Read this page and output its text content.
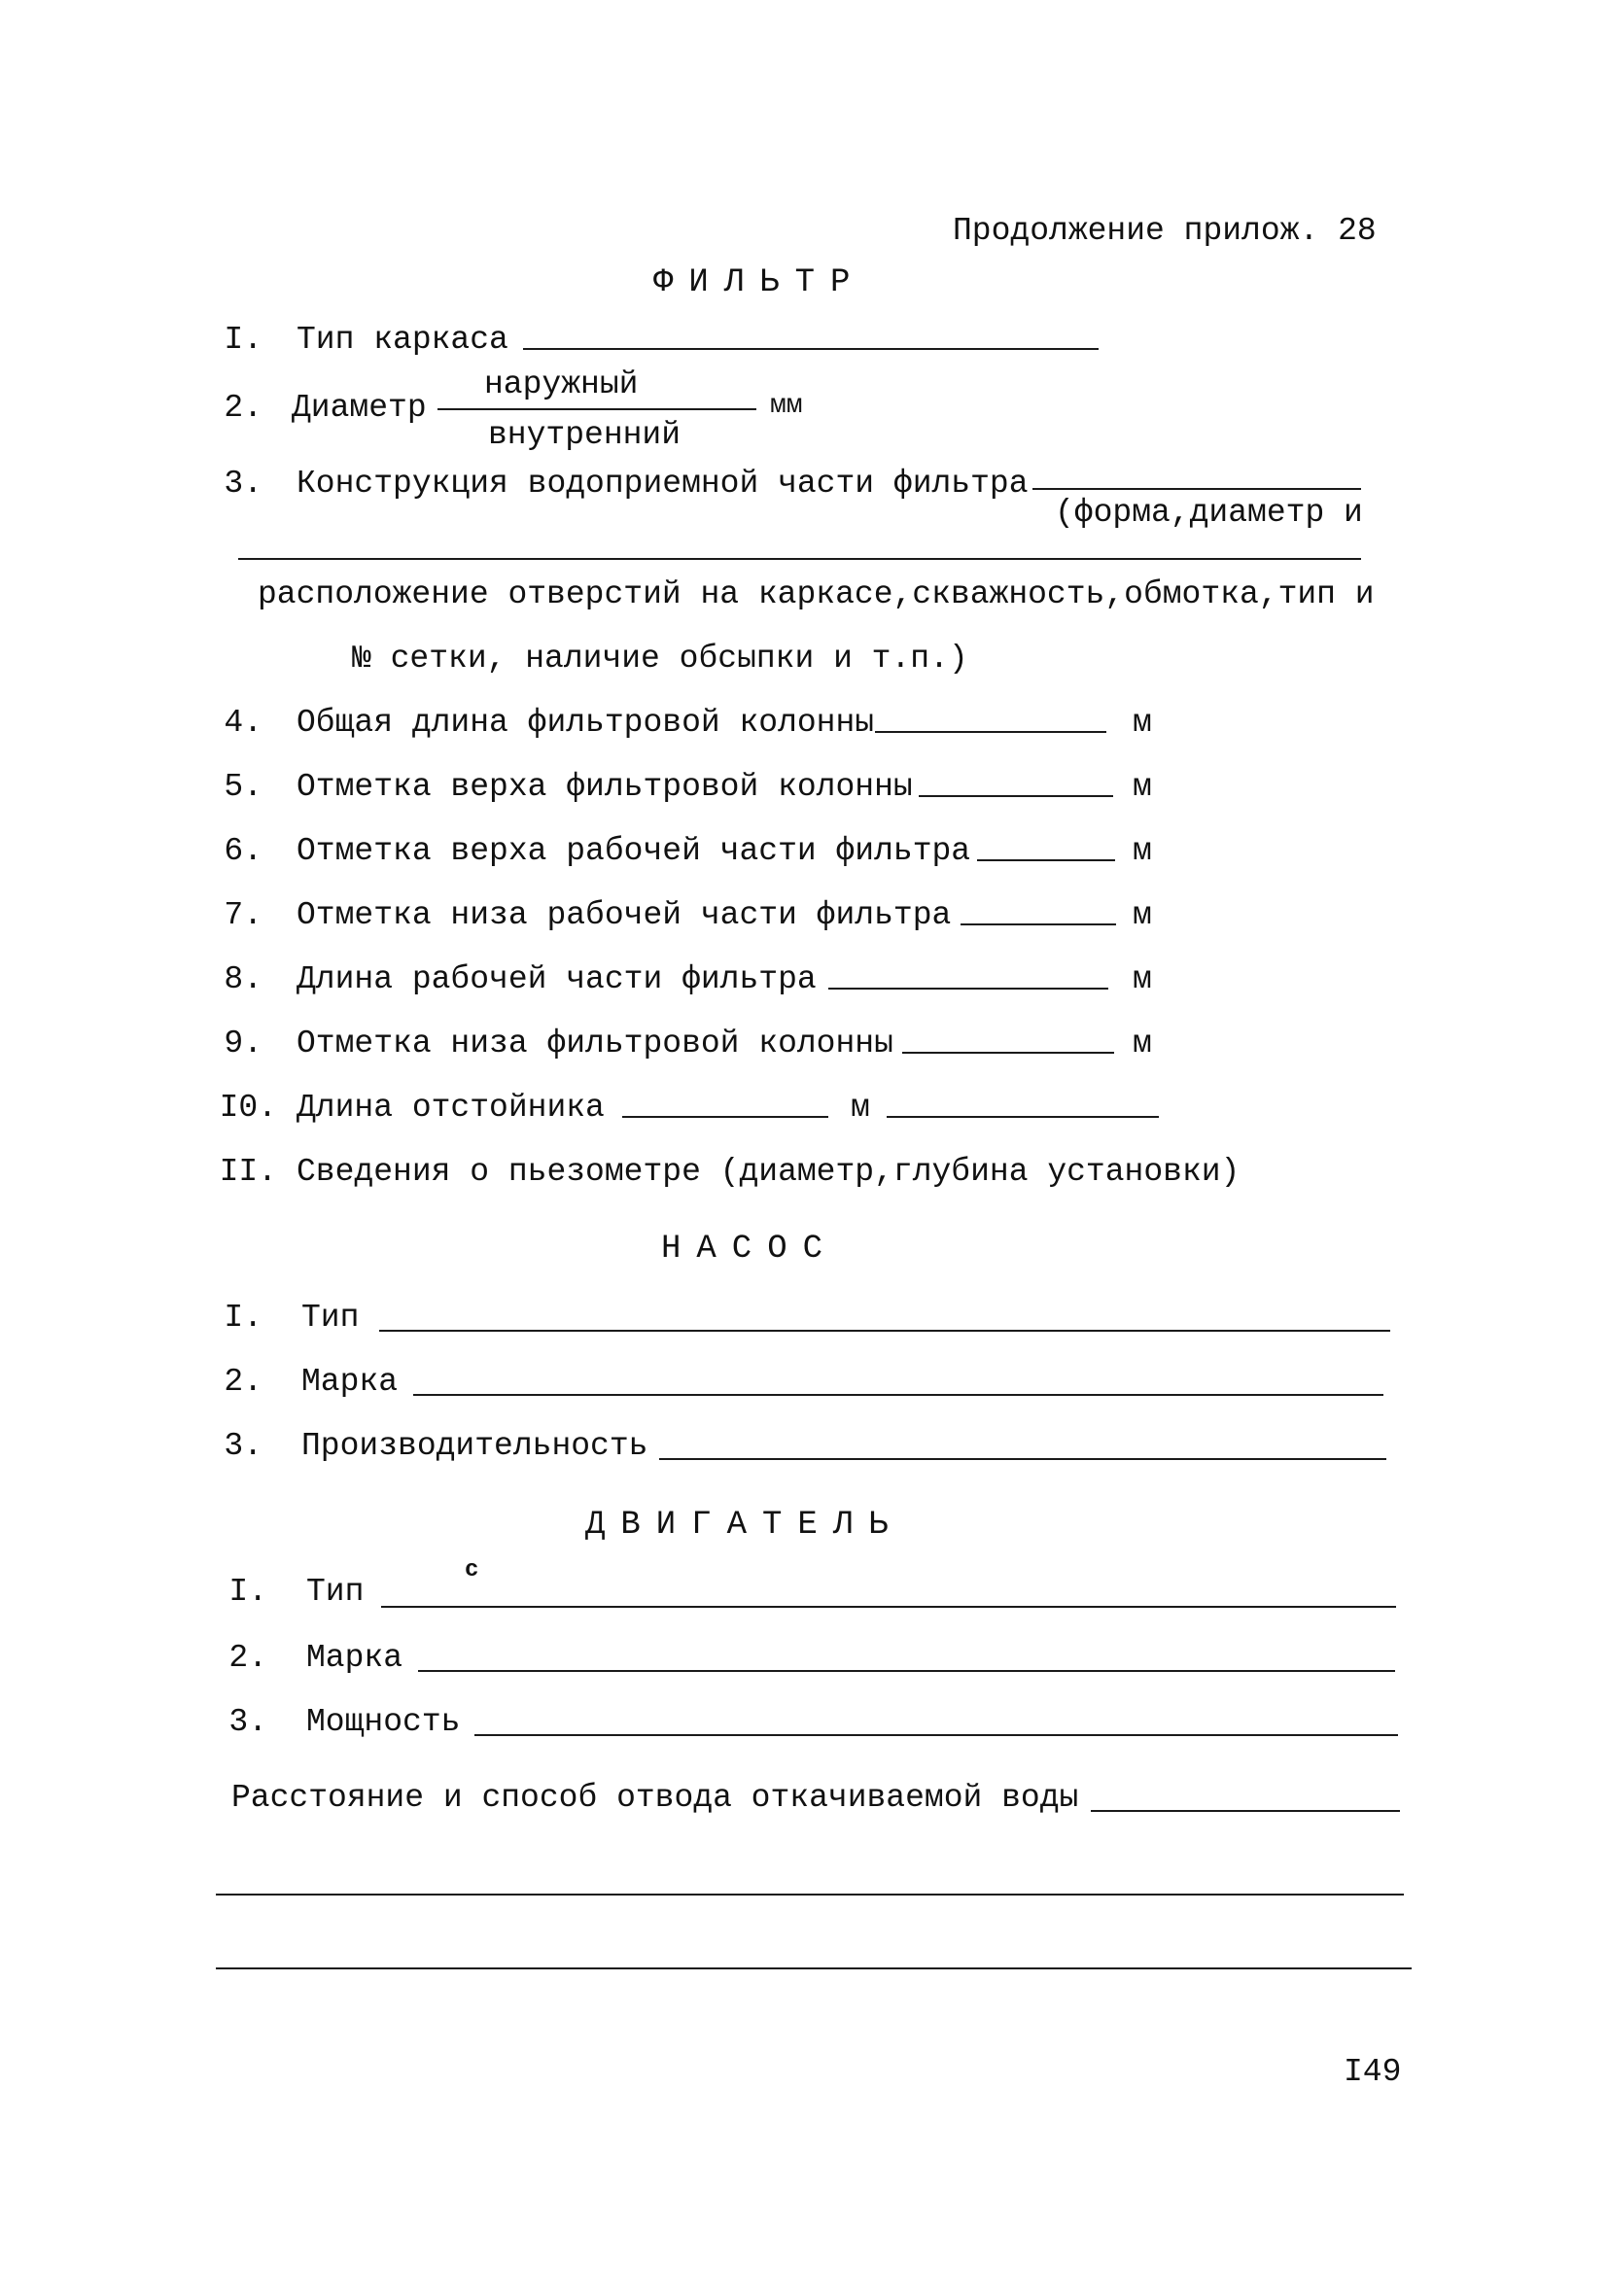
Продолжение прилож. 28
ФИЛЬТР
I. Тип каркаса
2. Диаметр
наружный
внутренний
мм
3. Конструкция водоприемной части фильтра
(форма,диаметр и
расположение отверстий на каркасе,скважность,обмотка,тип и
№ сетки, наличие обсыпки и т.п.)
4. Общая длина фильтровой колонны	м
5. Отметка верха фильтровой колонны	м
6. Отметка верха рабочей части фильтра	м
7. Отметка низа рабочей части фильтра	м
8. Длина рабочей части фильтра	м
9. Отметка низа фильтровой колонны	м
I0. Длина отстойника	м
II. Сведения о пьезометре (диаметр,глубина установки)
НАСОС
I. Тип
2. Марка
3. Производительность
ДВИГАТЕЛЬ
I. Тип
с
2. Марка
3. Мощность
Расстояние и способ отвода откачиваемой воды
I49
